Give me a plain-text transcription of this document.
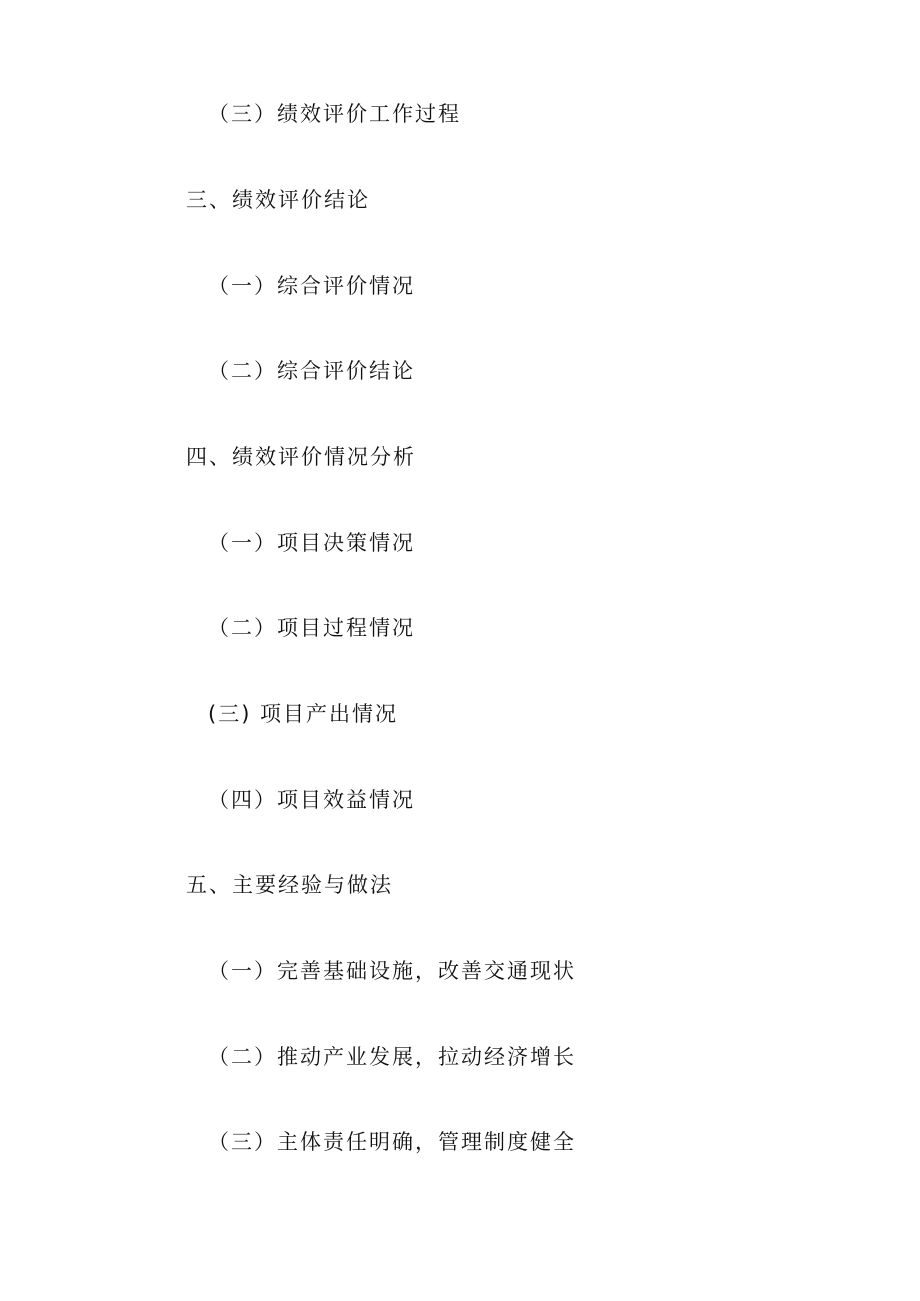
（三）绩效评价工作过程
三、绩效评价结论
（一）综合评价情况
（二）综合评价结论
四、绩效评价情况分析
（一）项目决策情况
（二）项目过程情况
(三) 项目产出情况
（四）项目效益情况
五、主要经验与做法
（一）完善基础设施，改善交通现状
（二）推动产业发展，拉动经济增长
（三）主体责任明确，管理制度健全
